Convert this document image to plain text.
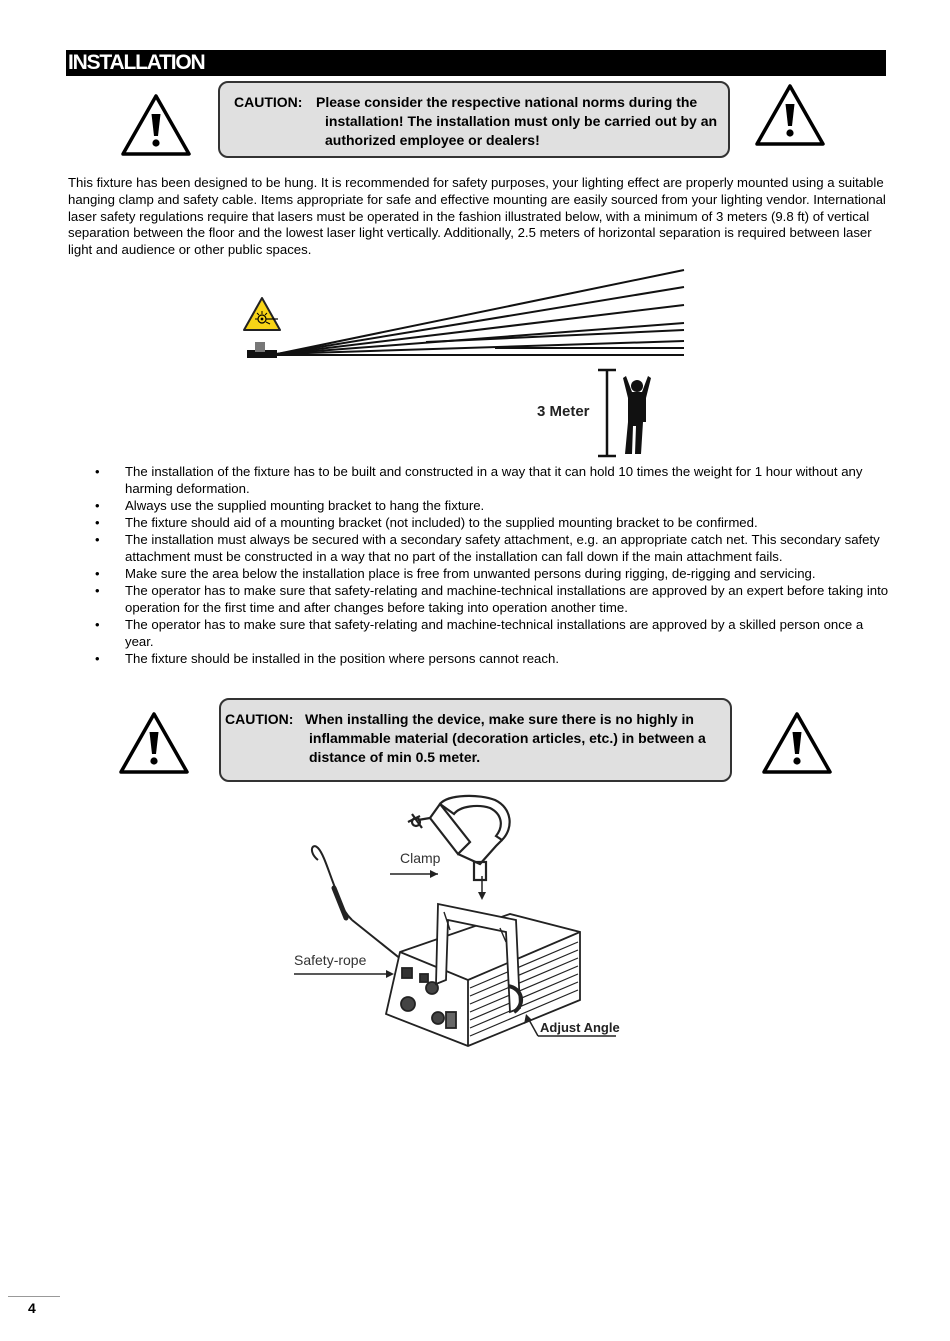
INSTALLATION
CAUTION: Please consider the respective national norms during the installation! The installation must only be carried out by an authorized employee or dealers!
This fixture has been designed to be hung. It is recommended for safety purposes, your lighting effect are properly mounted using a suitable hanging clamp and safety cable. Items appropriate for safe and effective mounting are easily sourced from your lighting vendor. International laser safety regulations require that lasers must be operated in the fashion illustrated below, with a minimum of 3 meters (9.8 ft) of vertical separation between the floor and the lowest laser light vertically. Additionally, 2.5 meters of horizontal separation is required between laser light and audience or other public spaces.
3 Meter
• The installation of the fixture has to be built and constructed in a way that it can hold 10 times the weight for 1 hour without any harming deformation.
• Always use the supplied mounting bracket to hang the fixture.
• The fixture should aid of a mounting bracket (not included) to the supplied mounting bracket to be confirmed.
• The installation must always be secured with a secondary safety attachment, e.g. an appropriate catch net. This secondary safety attachment must be constructed in a way that no part of the installation can fall down if the main attachment fails.
• Make sure the area below the installation place is free from unwanted persons during rigging, de-rigging and servicing.
• The operator has to make sure that safety-relating and machine-technical installations are approved by an expert before taking into operation for the first time and after changes before taking into operation another time.
• The operator has to make sure that safety-relating and machine-technical installations are approved by a skilled person once a year.
• The fixture should be installed in the position where persons cannot reach.
CAUTION: When installing the device, make sure there is no highly in inflammable material (decoration articles, etc.) in between a distance of min 0.5 meter.
Clamp
Safety-rope
Adjust Angle
4
